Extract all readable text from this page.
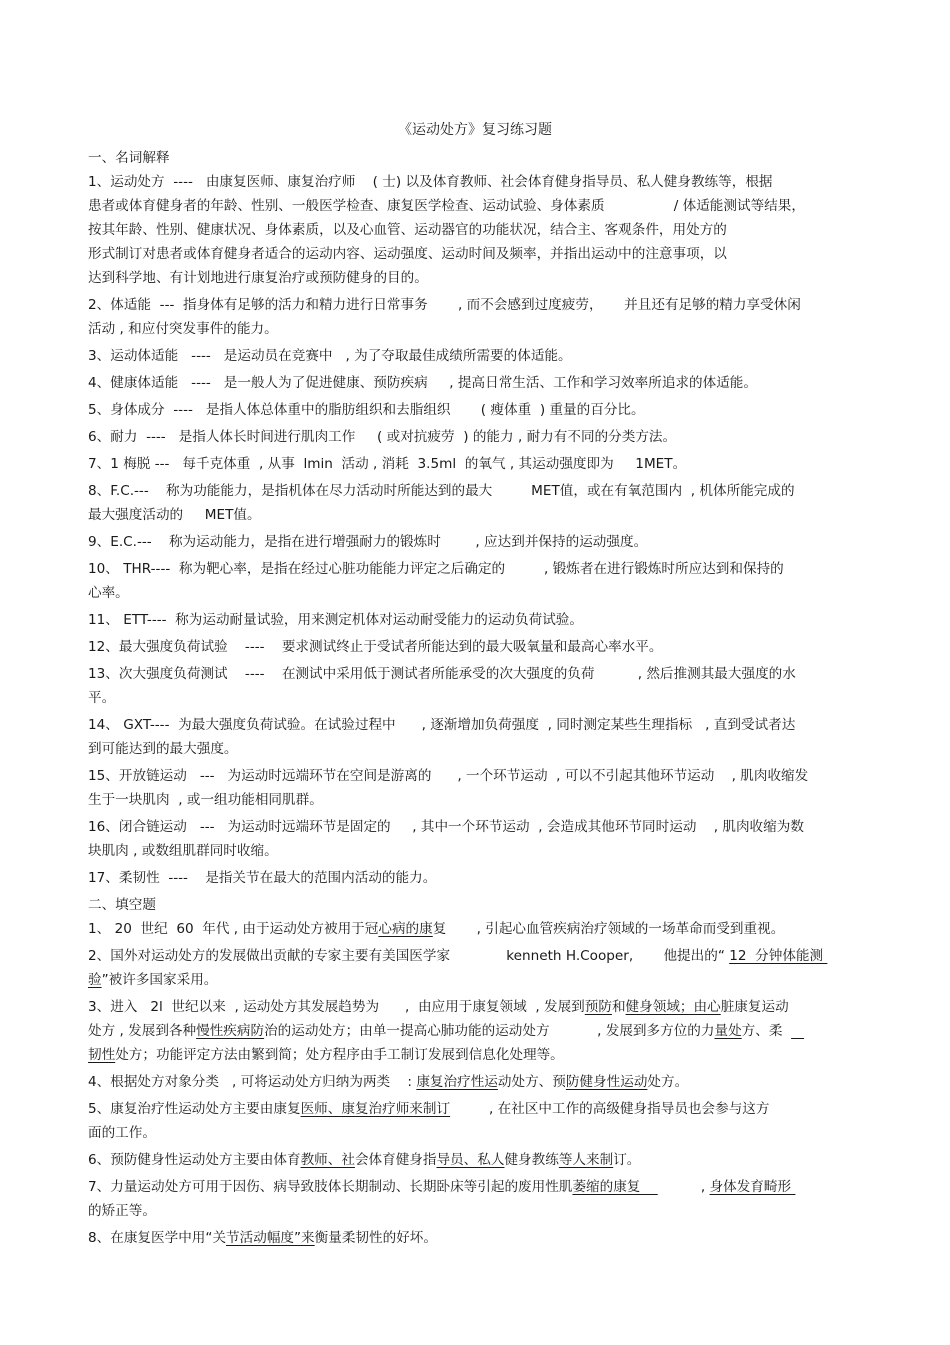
《运动处方》复习练习题
一、名词解释
1、运动处方  ----   由康复医师、康复治疗师    ( 士) 以及体育教师、社会体育健身指导员、私人健身教练等，根据
患者或体育健身者的年龄、性别、一般医学检查、康复医学检查、运动试验、身体素质                / 体适能测试等结果，
按其年龄、性别、健康状况、身体素质，以及心血管、运动器官的功能状况，结合主、客观条件，用处方的
形式制订对患者或体育健身者适合的运动内容、运动强度、运动时间及频率，并指出运动中的注意事项，以
达到科学地、有计划地进行康复治疗或预防健身的目的。
2、体适能  ---  指身体有足够的活力和精力进行日常事务       , 而不会感到过度疲劳，     并且还有足够的精力享受休闲
活动 , 和应付突发事件的能力。
3、运动体适能   ----   是运动员在竞赛中   , 为了夺取最佳成绩所需要的体适能。
4、健康体适能   ----   是一般人为了促进健康、预防疾病     , 提高日常生活、工作和学习效率所追求的体适能。
5、身体成分  ----   是指人体总体重中的脂肪组织和去脂组织       ( 瘦体重  ) 重量的百分比。
6、耐力  ----   是指人体长时间进行肌肉工作     ( 或对抗疲劳  ) 的能力 , 耐力有不同的分类方法。
7、1 梅脱 ---   每千克体重  , 从事  lmin  活动 , 消耗  3.5ml  的氧气 , 其运动强度即为     1MET。
8、F.C.---    称为功能能力，是指机体在尽力活动时所能达到的最大         MET值，或在有氧范围内  , 机体所能完成的
最大强度活动的     MET值。
9、E.C.---    称为运动能力，是指在进行增强耐力的锻炼时        , 应达到并保持的运动强度。
10、 THR----  称为靶心率，是指在经过心脏功能能力评定之后确定的         , 锻炼者在进行锻炼时所应达到和保持的
心率。
11、 ETT----  称为运动耐量试验，用来测定机体对运动耐受能力的运动负荷试验。
12、最大强度负荷试验    ----    要求测试终止于受试者所能达到的最大吸氧量和最高心率水平。
13、次大强度负荷测试    ----    在测试中采用低于测试者所能承受的次大强度的负荷          , 然后推测其最大强度的水
平。
14、 GXT----  为最大强度负荷试验。在试验过程中      , 逐渐增加负荷强度  , 同时测定某些生理指标   , 直到受试者达
到可能达到的最大强度。
15、开放链运动   ---   为运动时远端环节在空间是游离的      , 一个环节运动  , 可以不引起其他环节运动    , 肌肉收缩发
生于一块肌肉  , 或一组功能相同肌群。
16、闭合链运动   ---   为运动时远端环节是固定的     , 其中一个环节运动  , 会造成其他环节同时运动    , 肌肉收缩为数
块肌肉 , 或数组肌群同时收缩。
17、柔韧性  ----    是指关节在最大的范围内活动的能力。
二、填空题
1、 20  世纪  60  年代 , 由于运动处方被用于冠心病的康复       , 引起心血管疾病治疗领域的一场革命而受到重视。
2、国外对运动处方的发展做出贡献的专家主要有美国医学家             kenneth H.Cooper,       他提出的“ 12  分钟体能测
验”被许多国家采用。
3、进入   2l  世纪以来  , 运动处方其发展趋势为      ,  由应用于康复领域  , 发展到预防和健身领域；由心脏康复运动
处方 , 发展到各种慢性疾病防治的运动处方；由单一提高心肺功能的运动处方           , 发展到多方位的力量处方、柔
韧性处方；功能评定方法由繁到简；处方程序由手工制订发展到信息化处理等。
4、根据处方对象分类   , 可将运动处方归纳为两类    : 康复治疗性运动处方、预防健身性运动处方。
5、康复治疗性运动处方主要由康复医师、康复治疗师来制订         , 在社区中工作的高级健身指导员也会参与这方
面的工作。
6、预防健身性运动处方主要由体育教师、社会体育健身指导员、私人健身教练等人来制订。
7、力量运动处方可用于因伤、病导致肢体长期制动、长期卧床等引起的废用性肌萎缩的康复              , 身体发育畸形
的矫正等。
8、在康复医学中用“关节活动幅度”来衡量柔韧性的好坏。
